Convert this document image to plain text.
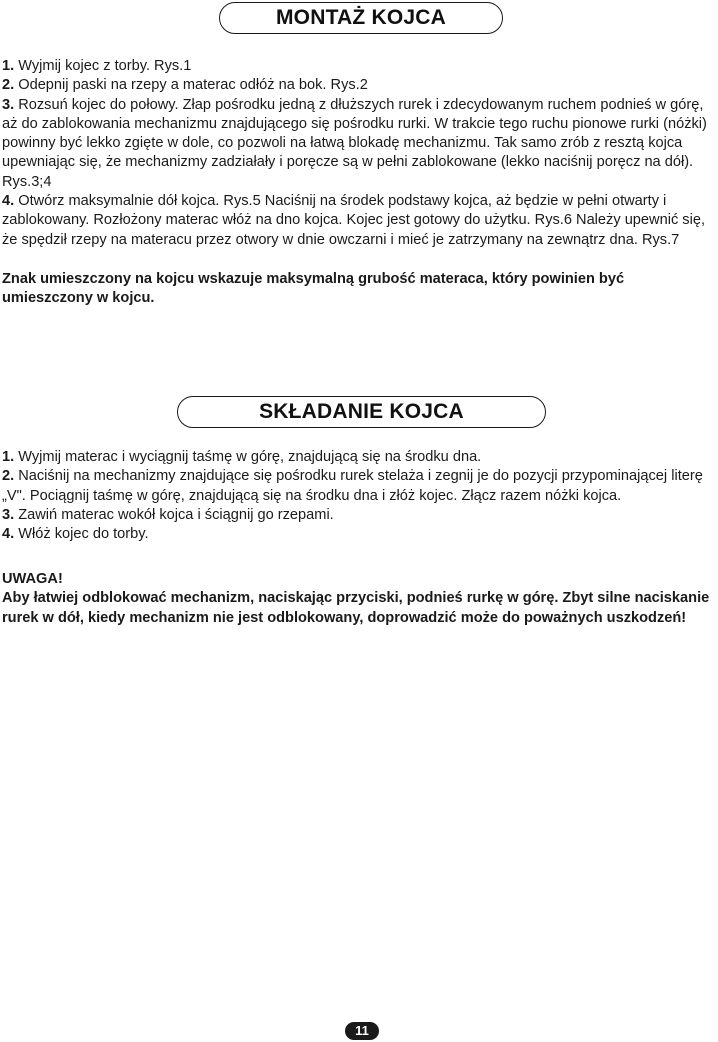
MONTAŻ KOJCA

1. Wyjmij kojec z torby. Rys.1

2. Odepnij paski na rzepy a materac odłóż na bok. Rys.2

3. Rozsuń kojec do połowy. Złap pośrodku jedną z dłuższych rurek i zdecydowanym ruchem podnieś w górę, aż do zablokowania mechanizmu znajdującego się pośrodku rurki. W trakcie tego ruchu pionowe rurki (nóżki) powinny być lekko zgięte w dole, co pozwoli na łatwą blokadę mechanizmu. Tak samo zrób z resztą kojca upewniając się, że mechanizmy zadziałały i poręcze są w pełni zablokowane (lekko naciśnij poręcz na dół). Rys.3;4

4. Otwórz maksymalnie dół kojca. Rys.5 Naciśnij na środek podstawy kojca, aż będzie w pełni otwarty i zablokowany. Rozłożony materac włóż na dno kojca. Kojec jest gotowy do użytku. Rys.6 Należy upewnić się, że spędził rzepy na materacu przez otwory w dnie owczarni i mieć je zatrzymany na zewnątrz dna. Rys.7

Znak umieszczony na kojcu wskazuje maksymalną grubość materaca, który powinien być umieszczony w kojcu.
SKŁADANIE KOJCA

1. Wyjmij materac i wyciągnij taśmę w górę, znajdującą się na środku dna.

2. Naciśnij na mechanizmy znajdujące się pośrodku rurek stelaża i zegnij je do pozycji przypominającej literę „V". Pociągnij taśmę w górę, znajdującą się na środku dna i złóż kojec. Złącz razem nóżki kojca.

3. Zawiń materac wokół kojca i ściągnij go rzepami.

4. Włóż kojec do torby.

UWAGA!

Aby łatwiej odblokować mechanizm, naciskając przyciski, podnieś rurkę w górę. Zbyt silne naciskanie rurek w dół, kiedy mechanizm nie jest odblokowany, doprowadzić może do poważnych uszkodzeń!

11
